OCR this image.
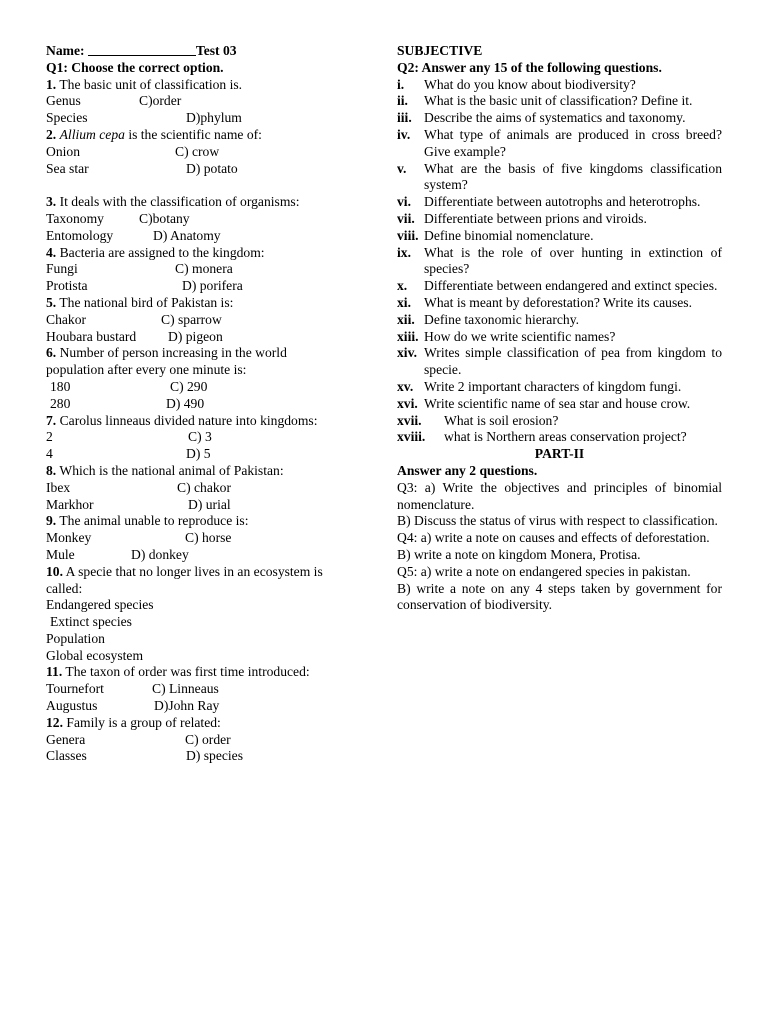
Name:	Test 03
Q1: Choose the correct option.
1. The basic unit of classification is.
Genus	C)order
Species	D)phylum
2. Allium cepa is the scientific name of:
Onion	C) crow
Sea star	D) potato
3. It deals with the classification of organisms:
Taxonomy	C)botany
Entomology	D) Anatomy
4. Bacteria are assigned to the kingdom:
Fungi	C) monera
Protista	D) porifera
5. The national bird of Pakistan is:
Chakor	C) sparrow
Houbara bustard D) pigeon
6. Number of person increasing in the world
population after every one minute is:
180	C) 290
280	D) 490
7. Carolus linneaus divided nature into kingdoms:
2	C) 3
4	D) 5
8. Which is the national animal of Pakistan:
Ibex	C) chakor
Markhor	D) urial
9. The animal unable to reproduce is:
Monkey	C) horse
Mule	D) donkey
10. A specie that no longer lives in an ecosystem is
called:
Endangered species
Extinct species
Population
Global ecosystem
11. The taxon of order was first time introduced:
Tournefort	C) Linneaus
Augustus	D)John Ray
12. Family is a group of related:
Genera	C) order
Classes	D) species
SUBJECTIVE
Q2: Answer any 15 of the following questions.
i.	What do you know about biodiversity?
ii.	What is the basic unit of classification? Define it.
iii. Describe the aims of systematics and taxonomy.
iv.	What type of animals are produced in cross breed? Give example?
v.	What are the basis of five kingdoms classification system?
vi. Differentiate between autotrophs and heterotrophs.
vii. Differentiate between prions and viroids.
viii. Define binomial nomenclature.
ix. What is the role of over hunting in extinction of species?
x.	Differentiate between endangered and extinct species.
xi. What is meant by deforestation? Write its causes.
xii. Define taxonomic hierarchy.
xiii. How do we write scientific names?
xiv. Writes simple classification of pea from kingdom to specie.
xv. Write 2 important characters of kingdom fungi.
xvi. Write scientific name of sea star and house crow.
xvii.	What is soil erosion?
xviii.	what is Northern areas conservation project?
PART-II
Answer any 2 questions.
Q3: a) Write the objectives and principles of binomial nomenclature.
B) Discuss the status of virus with respect to classification.
Q4: a) write a note on causes and effects of deforestation.
B) write a note on kingdom Monera, Protisa.
Q5: a) write a note on endangered species in pakistan.
B) write a note on any 4 steps taken by government for conservation of biodiversity.
